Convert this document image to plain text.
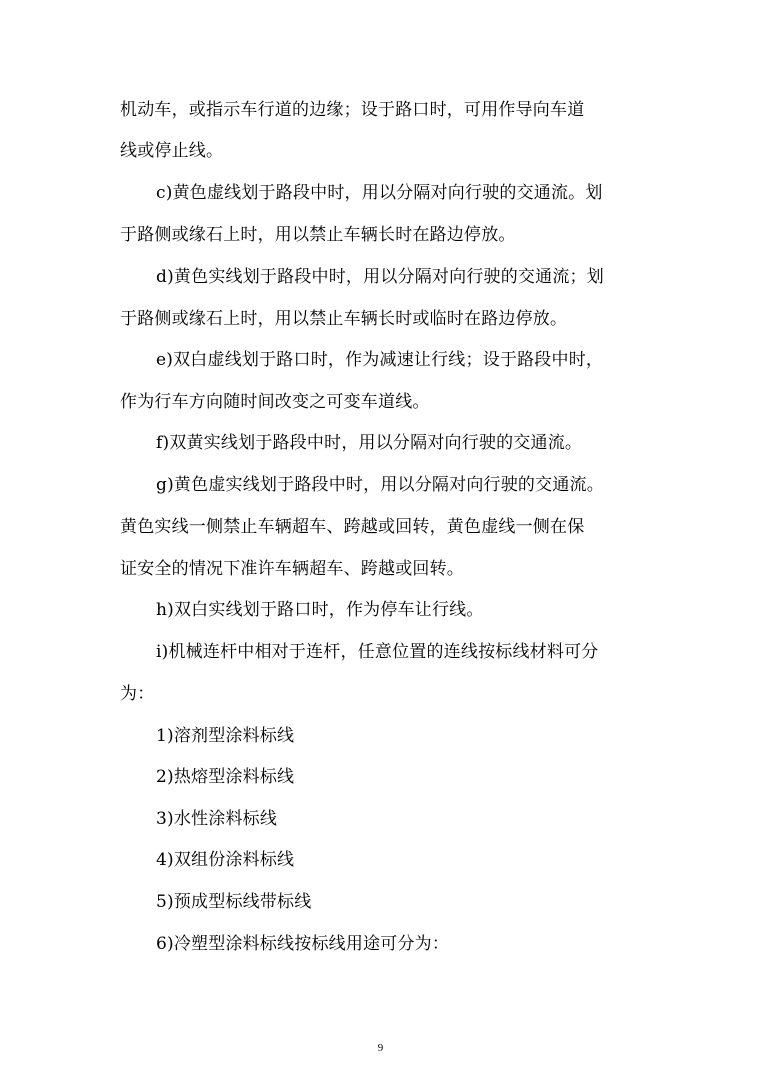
机动车，或指示车行道的边缘；设于路口时，可用作导向车道
线或停止线。
c)黄色虚线划于路段中时，用以分隔对向行驶的交通流。划
于路侧或缘石上时，用以禁止车辆长时在路边停放。
d)黄色实线划于路段中时，用以分隔对向行驶的交通流；划
于路侧或缘石上时，用以禁止车辆长时或临时在路边停放。
e)双白虚线划于路口时，作为减速让行线；设于路段中时，
作为行车方向随时间改变之可变车道线。
f)双黄实线划于路段中时，用以分隔对向行驶的交通流。
g)黄色虚实线划于路段中时，用以分隔对向行驶的交通流。
黄色实线一侧禁止车辆超车、跨越或回转，黄色虚线一侧在保
证安全的情况下准许车辆超车、跨越或回转。
h)双白实线划于路口时，作为停车让行线。
i)机械连杆中相对于连杆，任意位置的连线按标线材料可分
为：
1)溶剂型涂料标线
2)热熔型涂料标线
3)水性涂料标线
4)双组份涂料标线
5)预成型标线带标线
6)冷塑型涂料标线按标线用途可分为：
9
